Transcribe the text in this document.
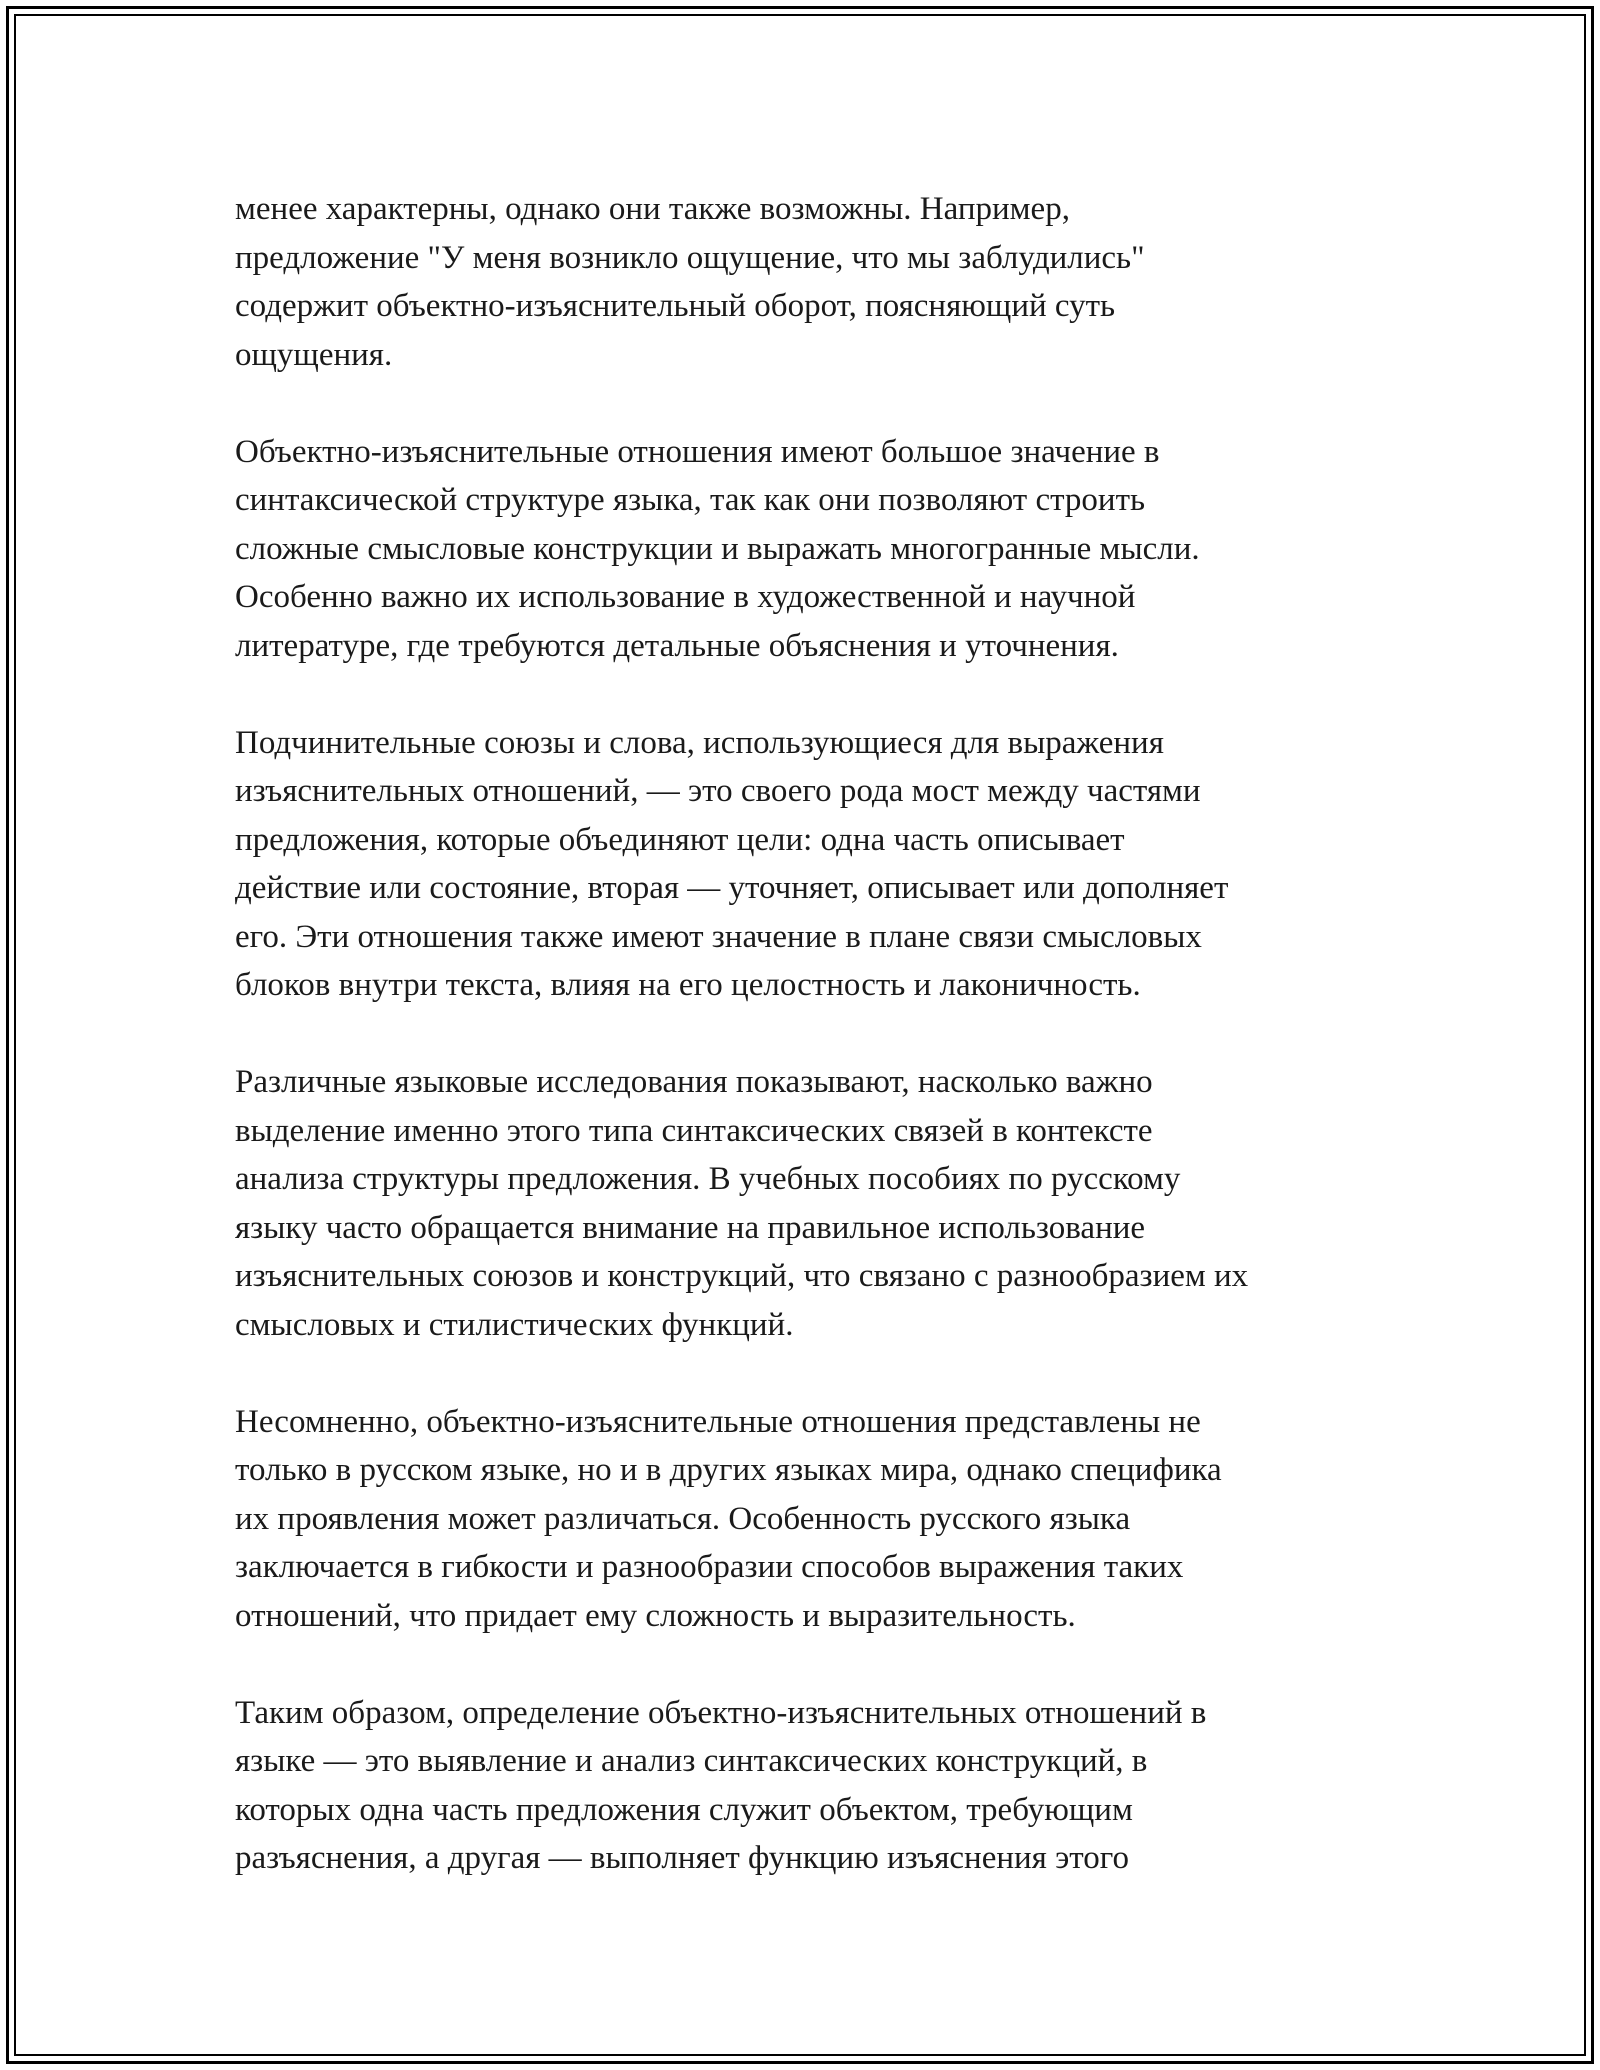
менее характерны, однако они также возможны. Например,
предложение "У меня возникло ощущение, что мы заблудились"
содержит объектно-изъяснительный оборот, поясняющий суть
ощущения.

Объектно-изъяснительные отношения имеют большое значение в
синтаксической структуре языка, так как они позволяют строить
сложные смысловые конструкции и выражать многогранные мысли.
Особенно важно их использование в художественной и научной
литературе, где требуются детальные объяснения и уточнения.

Подчинительные союзы и слова, использующиеся для выражения
изъяснительных отношений, — это своего рода мост между частями
предложения, которые объединяют цели: одна часть описывает
действие или состояние, вторая — уточняет, описывает или дополняет
его. Эти отношения также имеют значение в плане связи смысловых
блоков внутри текста, влияя на его целостность и лаконичность.

Различные языковые исследования показывают, насколько важно
выделение именно этого типа синтаксических связей в контексте
анализа структуры предложения. В учебных пособиях по русскому
языку часто обращается внимание на правильное использование
изъяснительных союзов и конструкций, что связано с разнообразием их
смысловых и стилистических функций.

Несомненно, объектно-изъяснительные отношения представлены не
только в русском языке, но и в других языках мира, однако специфика
их проявления может различаться. Особенность русского языка
заключается в гибкости и разнообразии способов выражения таких
отношений, что придает ему сложность и выразительность.

Таким образом, определение объектно-изъяснительных отношений в
языке — это выявление и анализ синтаксических конструкций, в
которых одна часть предложения служит объектом, требующим
разъяснения, а другая — выполняет функцию изъяснения этого
